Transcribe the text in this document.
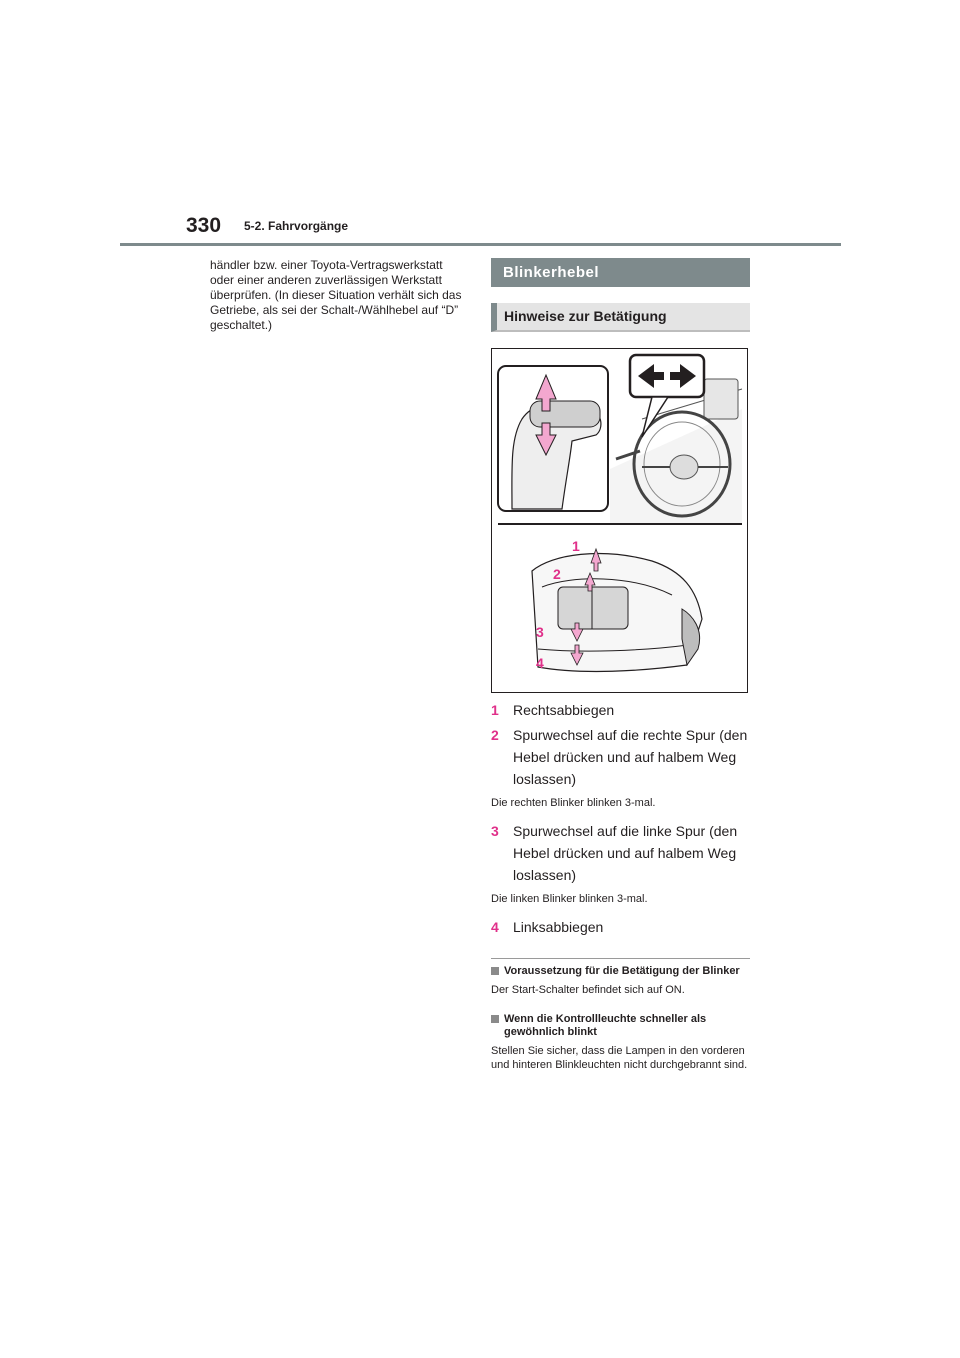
330 5-2. Fahrvorgänge
händler bzw. einer Toyota-Vertragswerkstatt oder einer anderen zuverlässigen Werkstatt überprüfen. (In dieser Situation verhält sich das Getriebe, als sei der Schalt-/Wählhebel auf “D” geschaltet.)
Blinkerhebel
Hinweise zur Betätigung
1
2
3
4
1	Rechtsabbiegen
2	Spurwechsel auf die rechte Spur (den Hebel drücken und auf halbem Weg loslassen)
Die rechten Blinker blinken 3-mal.
3	Spurwechsel auf die linke Spur (den Hebel drücken und auf halbem Weg loslassen)
Die linken Blinker blinken 3-mal.
4	Linksabbiegen
Voraussetzung für die Betätigung der Blinker
Der Start-Schalter befindet sich auf ON.
Wenn die Kontrollleuchte schneller als gewöhnlich blinkt
Stellen Sie sicher, dass die Lampen in den vorderen und hinteren Blinkleuchten nicht durchgebrannt sind.
